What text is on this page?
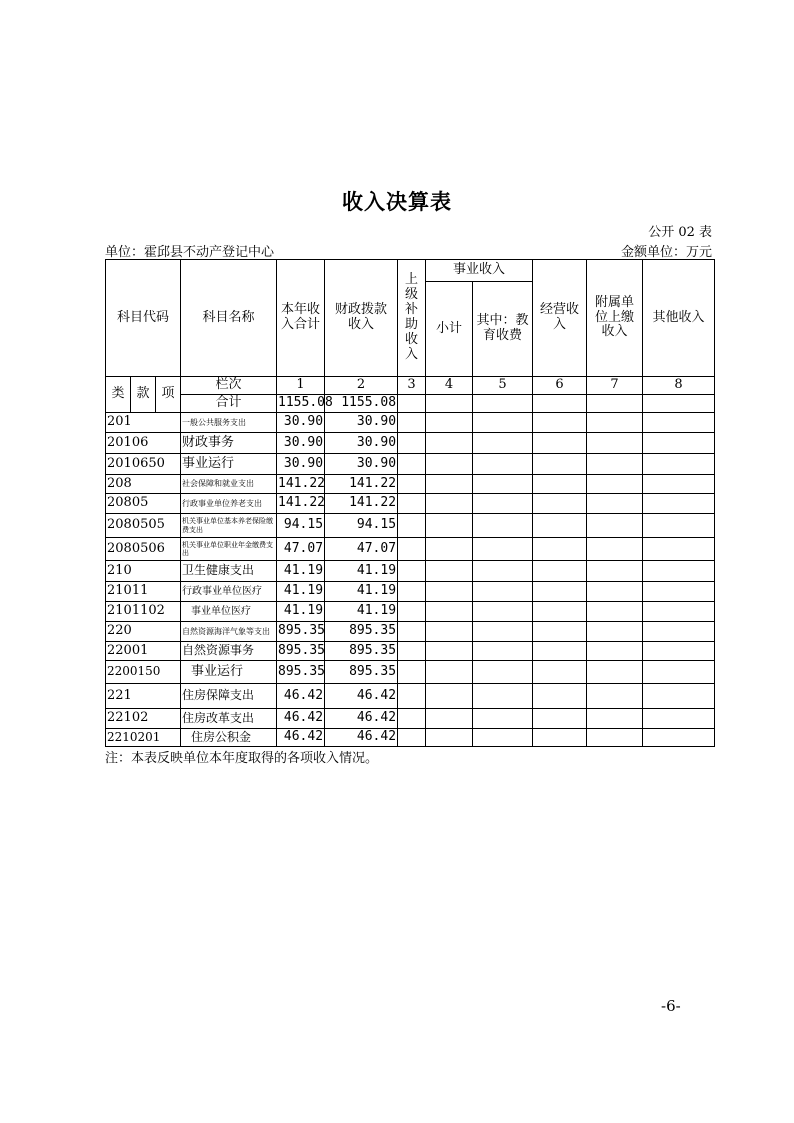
收入决算表
公开 02 表
单位：霍邱县不动产登记中心	金额单位：万元
科目代码			科目名称	本年收入合计	财政拨款收入	上级补助收入	事业收入		经营收入	附属单位上缴收入	其他收入
							小计	其中：教育收费			
类	款	项	栏次	1	2	3	4	5	6	7	8
			合计	1155.08	1155.08						
201			一般公共服务支出	30.90	30.90						
20106			财政事务	30.90	30.90						
2010650			事业运行	30.90	30.90						
208			社会保障和就业支出	141.22	141.22						
20805			行政事业单位养老支出	141.22	141.22						
2080505			机关事业单位基本养老保险缴费支出	94.15	94.15						
2080506			机关事业单位职业年金缴费支出	47.07	47.07						
210			卫生健康支出	41.19	41.19						
21011			行政事业单位医疗	41.19	41.19						
2101102			事业单位医疗	41.19	41.19						
220			自然资源海洋气象等支出	895.35	895.35						
22001			自然资源事务	895.35	895.35						
2200150			事业运行	895.35	895.35						
221			住房保障支出	46.42	46.42						
22102			住房改革支出	46.42	46.42						
2210201			住房公积金	46.42	46.42						
注：本表反映单位本年度取得的各项收入情况。
-6-
